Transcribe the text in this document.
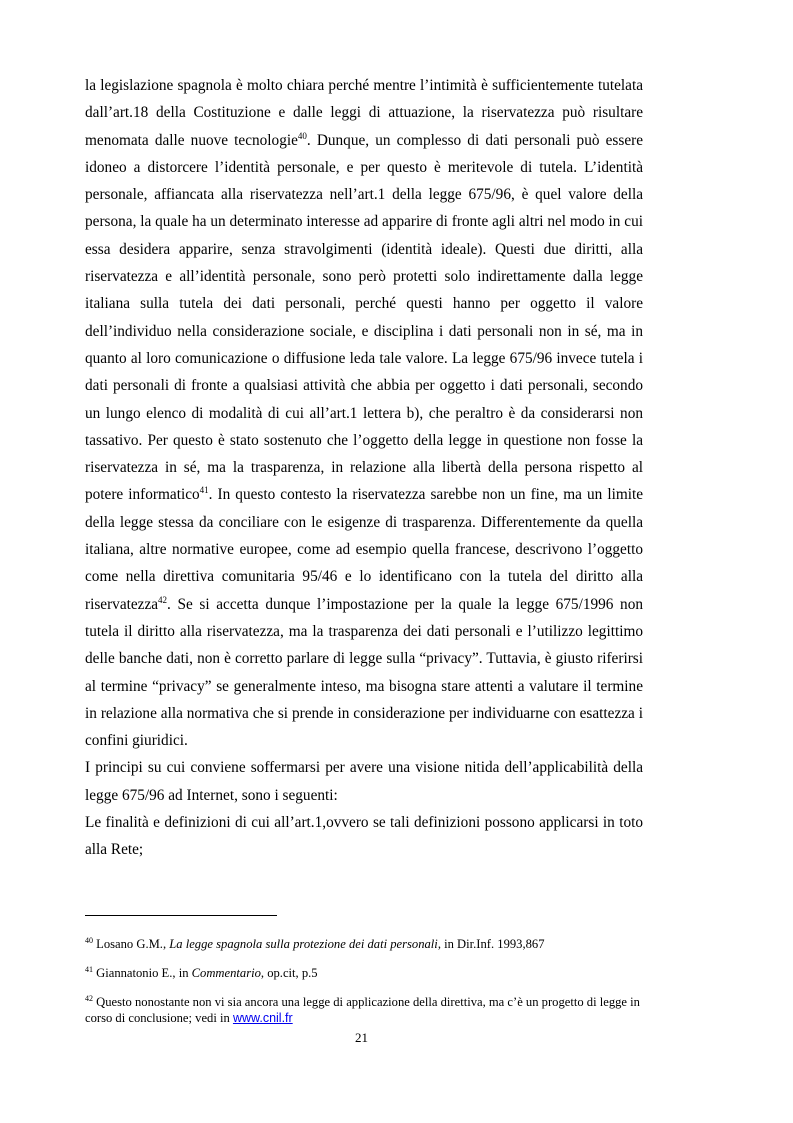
la legislazione spagnola è molto chiara perché mentre l’intimità è sufficientemente tutelata dall’art.18 della Costituzione e dalle leggi di attuazione, la riservatezza può risultare menomata dalle nuove tecnologie$^{40}$. Dunque, un complesso di dati personali può essere idoneo a distorcere l’identità personale, e per questo è meritevole di tutela. L’identità personale, affiancata alla riservatezza nell’art.1 della legge 675/96, è quel valore della persona, la quale ha un determinato interesse ad apparire di fronte agli altri nel modo in cui essa desidera apparire, senza stravolgimenti (identità ideale). Questi due diritti, alla riservatezza e all’identità personale, sono però protetti solo indirettamente dalla legge italiana sulla tutela dei dati personali, perché questi hanno per oggetto il valore dell’individuo nella considerazione sociale, e disciplina i dati personali non in sé, ma in quanto al loro comunicazione o diffusione leda tale valore. La legge 675/96 invece tutela i dati personali di fronte a qualsiasi attività che abbia per oggetto i dati personali, secondo un lungo elenco di modalità di cui all’art.1 lettera b), che peraltro è da considerarsi non tassativo. Per questo è stato sostenuto che l’oggetto della legge in questione non fosse la riservatezza in sé, ma la trasparenza, in relazione alla libertà della persona rispetto al potere informatico$^{41}$. In questo contesto la riservatezza sarebbe non un fine, ma un limite della legge stessa da conciliare con le esigenze di trasparenza. Differentemente da quella italiana, altre normative europee, come ad esempio quella francese, descrivono l’oggetto come nella direttiva comunitaria 95/46 e lo identificano con la tutela del diritto alla riservatezza$^{42}$. Se si accetta dunque l’impostazione per la quale la legge 675/1996 non tutela il diritto alla riservatezza, ma la trasparenza dei dati personali e l’utilizzo legittimo delle banche dati, non è corretto parlare di legge sulla “privacy”. Tuttavia, è giusto riferirsi al termine “privacy” se generalmente inteso, ma bisogna stare attenti a valutare il termine in relazione alla normativa che si prende in considerazione per individuarne con esattezza i confini giuridici.

I principi su cui conviene soffermarsi per avere una visione nitida dell’applicabilità della legge 675/96 ad Internet, sono i seguenti:

Le finalità e definizioni di cui all’art.1,ovvero se tali definizioni possono applicarsi in toto alla Rete;

$^{40}$ Losano G.M., La legge spagnola sulla protezione dei dati personali, in Dir.Inf. 1993,867
$^{41}$ Giannatonio E., in Commentario, op.cit, p.5
$^{42}$ Questo nonostante non vi sia ancora una legge di applicazione della direttiva, ma c’è un progetto di legge in corso di conclusione; vedi in www.cnil.fr
21
